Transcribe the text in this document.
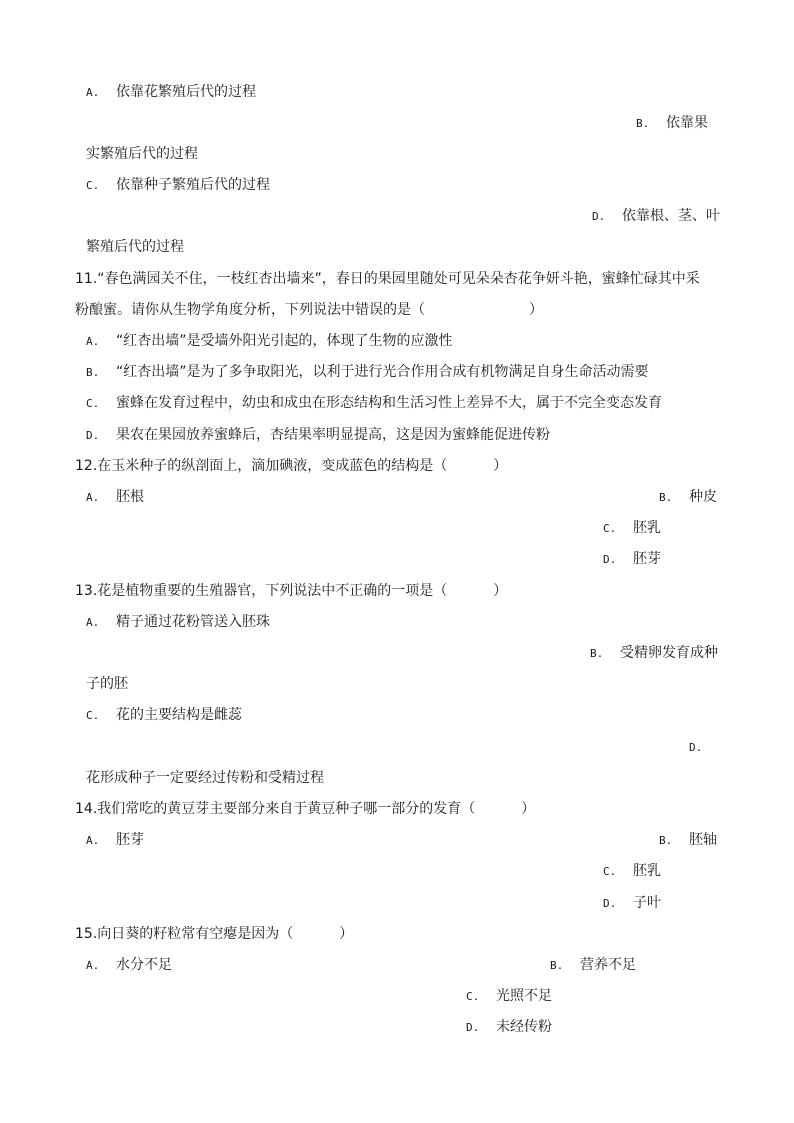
A. 依靠花繁殖后代的过程
B. 依靠果
实繁殖后代的过程
C. 依靠种子繁殖后代的过程
D. 依靠根、茎、叶
繁殖后代的过程
11.“春色满园关不住，一枝红杏出墙来”，春日的果园里随处可见朵朵杏花争妍斗艳，蜜蜂忙碌其中采
粉酿蜜。请你从生物学角度分析，下列说法中错误的是（	）
A. “红杏出墙”是受墙外阳光引起的，体现了生物的应激性
B. “红杏出墙”是为了多争取阳光，以利于进行光合作用合成有机物满足自身生命活动需要
C. 蜜蜂在发育过程中，幼虫和成虫在形态结构和生活习性上差异不大，属于不完全变态发育
D. 果农在果园放养蜜蜂后，杏结果率明显提高，这是因为蜜蜂能促进传粉
12.在玉米种子的纵剖面上，滴加碘液，变成蓝色的结构是（	）
A. 胚根	B. 种皮
C. 胚乳
D. 胚芽
13.花是植物重要的生殖器官，下列说法中不正确的一项是（	）
A. 精子通过花粉管送入胚珠
B. 受精卵发育成种
子的胚
C. 花的主要结构是雌蕊
D.
花形成种子一定要经过传粉和受精过程
14.我们常吃的黄豆芽主要部分来自于黄豆种子哪一部分的发育（	）
A. 胚芽	B. 胚轴
C. 胚乳
D. 子叶
15.向日葵的籽粒常有空瘪是因为（	）
A. 水分不足	B. 营养不足
C. 光照不足
D. 未经传粉
